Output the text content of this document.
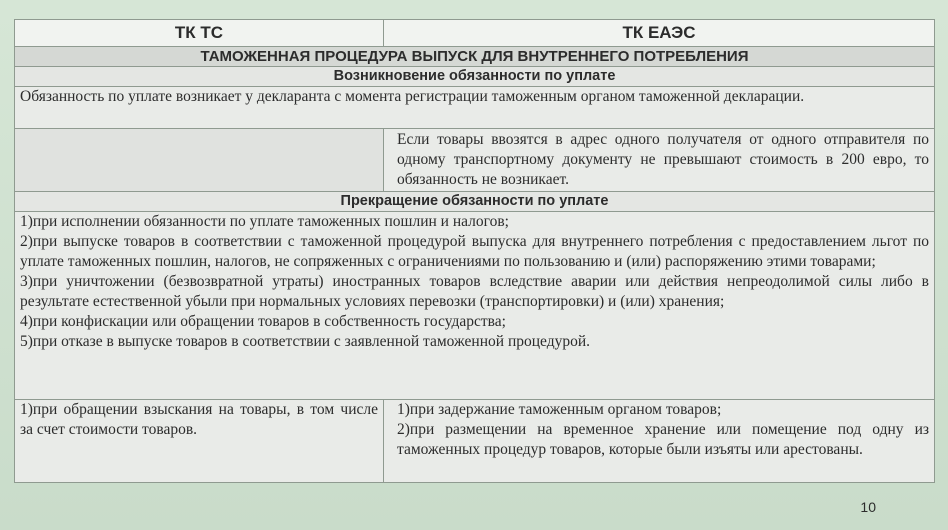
ТК ТС	ТК ЕАЭС
ТАМОЖЕННАЯ ПРОЦЕДУРА ВЫПУСК ДЛЯ ВНУТРЕННЕГО ПОТРЕБЛЕНИЯ	
Возникновение обязанности по уплате	
Обязанность по уплате возникает у декларанта с момента регистрации таможенным органом таможенной декларации.	
	Если товары ввозятся в адрес одного получателя от одного отправителя по одному транспортному документу не превышают стоимость в 200 евро, то обязанность не возникает.
Прекращение обязанности по уплате	

1)при исполнении обязанности по уплате таможенных пошлин и налогов;
2)при выпуске товаров в соответствии с таможенной процедурой выпуска для внутреннего потребления с предоставлением льгот по уплате таможенных пошлин, налогов, не сопряженных с ограничениями по пользованию и (или) распоряжению этими товарами;
3)при уничтожении (безвозвратной утраты) иностранных товаров вследствие аварии или действия непреодолимой силы либо в результате естественной убыли при нормальных условиях перевозки (транспортировки) и (или) хранения;
4)при конфискации или обращении товаров в собственность государства;
5)при отказе в выпуске товаров в соответствии с заявленной таможенной процедурой.	

1)при обращении взыскания на товары, в том числе за счет стоимости товаров.	1)при задержание таможенным органом товаров;
2)при размещении на временное хранение или помещение под одну из таможенных процедур товаров, которые были изъяты или арестованы.
10
